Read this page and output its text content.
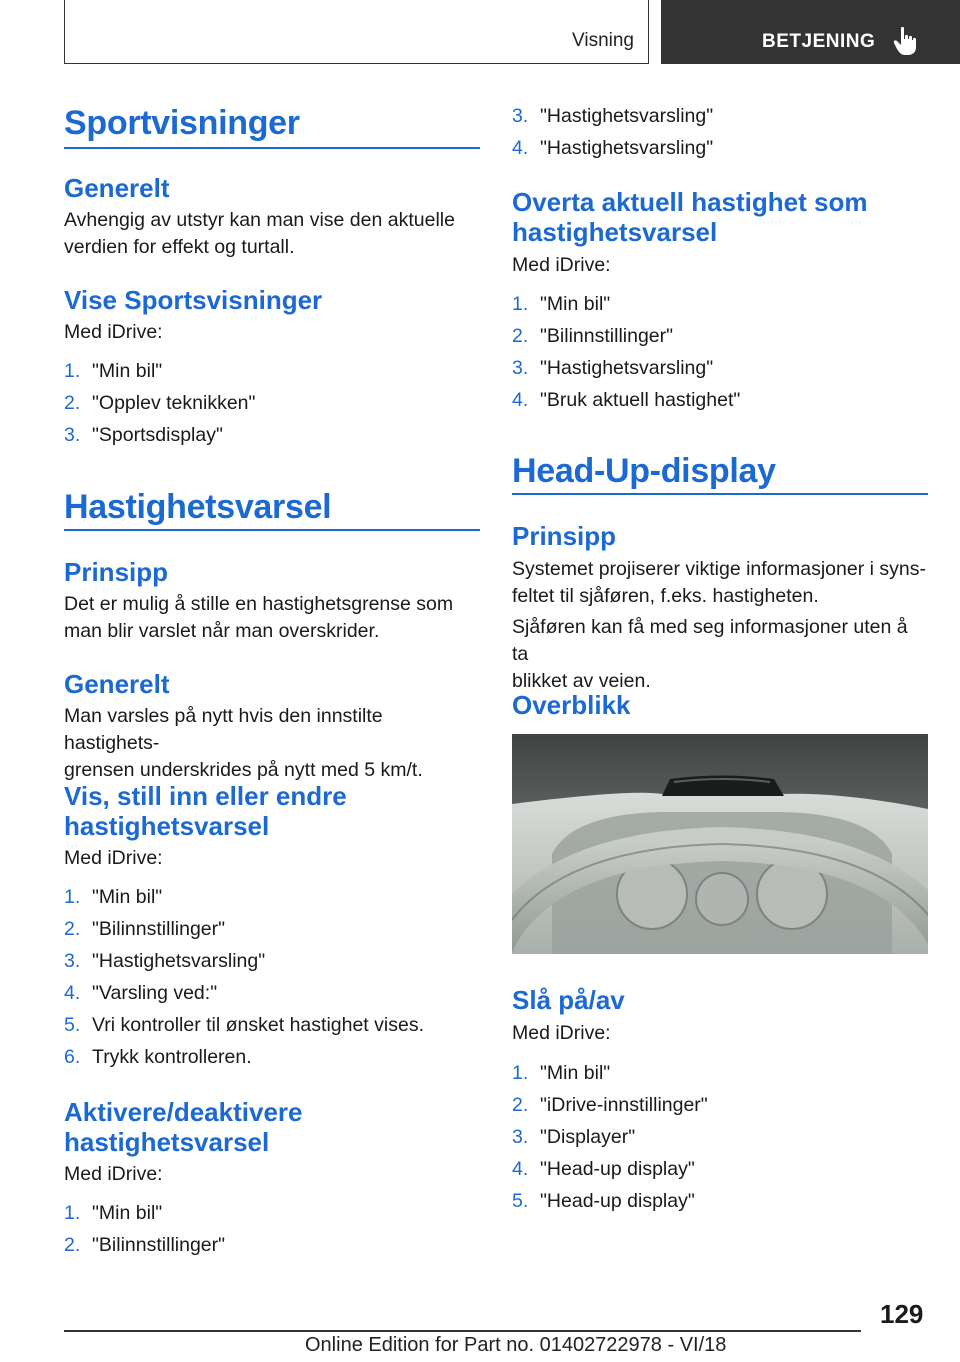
Visning	BETJENING
Sportvisninger
Generelt

Avhengig av utstyr kan man vise den aktuelle

verdien for effekt og turtall.

Vise Sportsvisninger

Med iDrive:

1. "Min bil"
2. "Opplev teknikken"
3. "Sportsdisplay"
Hastighetsvarsel
Prinsipp

Det er mulig å stille en hastighetsgrense som

man blir varslet når man overskrider.

Generelt

Man varsles på nytt hvis den innstilte hastighets-

grensen underskrides på nytt med 5 km/t.

Vis, still inn eller endre
hastighetsvarsel

Med iDrive:

1. "Min bil"
2. "Bilinnstillinger"
3. "Hastighetsvarsling"
4. "Varsling ved:"
5. Vri kontroller til ønsket hastighet vises.
6. Trykk kontrolleren.
Aktivere/deaktivere
hastighetsvarsel

Med iDrive:

1. "Min bil"
2. "Bilinnstillinger"
3. "Hastighetsvarsling"
4. "Hastighetsvarsling"
Overta aktuell hastighet som
hastighetsvarsel

Med iDrive:

1. "Min bil"
2. "Bilinnstillinger"
3. "Hastighetsvarsling"
4. "Bruk aktuell hastighet"
Head-Up-display
Prinsipp

Systemet projiserer viktige informasjoner i syns-

feltet til sjåføren, f.eks. hastigheten.

Sjåføren kan få med seg informasjoner uten å ta

blikket av veien.

Overblikk
Slå på/av

Med iDrive:

1. "Min bil"
2. "iDrive-innstillinger"
3. "Displayer"
4. "Head-up display"
5. "Head-up display"
129
Online Edition for Part no. 01402722978 - VI/18
